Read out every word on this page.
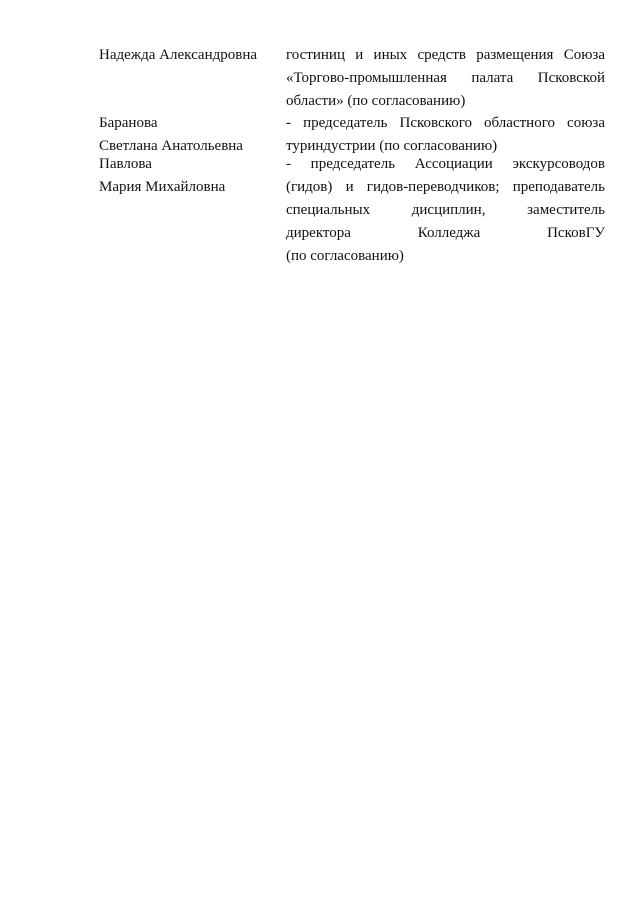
Надежда Александровна	гостиниц и иных средств размещения Союза
«Торгово-промышленная палата Псковской
области» (по согласованию)
Баранова
Светлана Анатольевна
- председатель Псковского областного союза
туриндустрии (по согласованию)
Павлова
Мария Михайловна
- председатель Ассоциации экскурсоводов
(гидов) и гидов-переводчиков; преподаватель
специальных дисциплин, заместитель
директора Колледжа ПсковГУ
(по согласованию)
